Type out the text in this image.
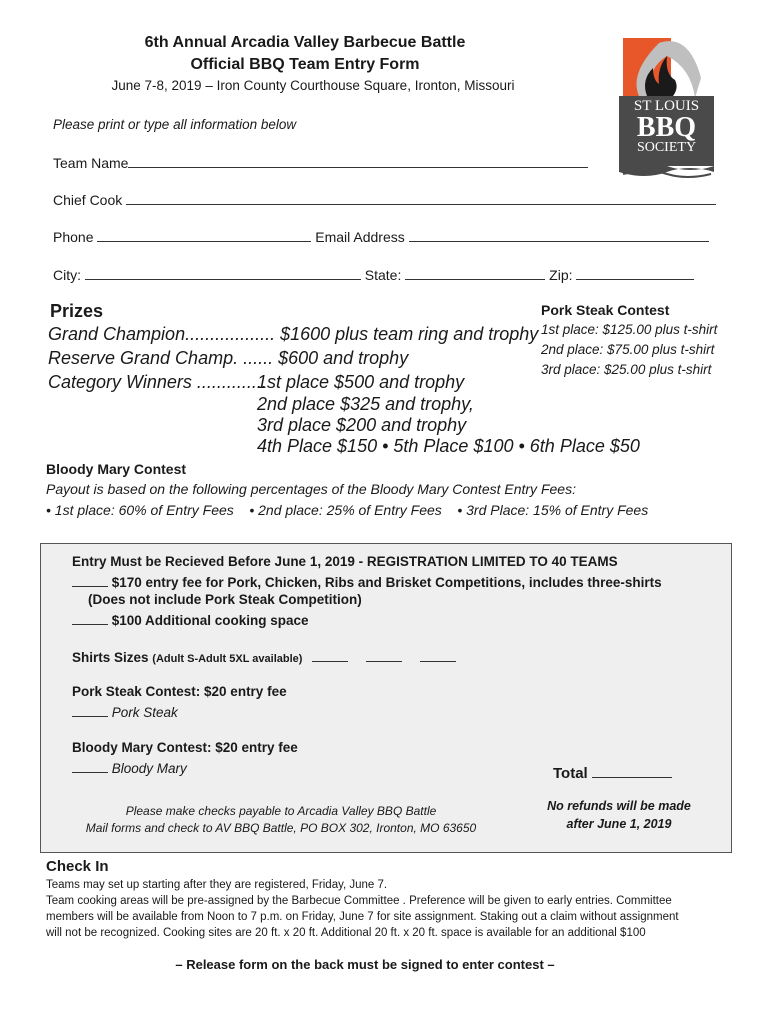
6th Annual Arcadia Valley Barbecue Battle
Official BBQ Team Entry Form
June 7-8, 2019 – Iron County Courthouse Square, Ironton, Missouri
ST LOUIS
BBQ
SOCIETY
Please print or type all information below
Team Name
Chief Cook
Phone	Email Address
City:	State:	Zip:
Prizes
Grand Champion.................. $1600 plus team ring and trophy
Reserve Grand Champ. ...... $600 and trophy
Category Winners ..............
1st place $500 and trophy
2nd place $325 and trophy,
3rd place $200 and trophy
4th Place $150 • 5th Place $100 • 6th Place $50
Pork Steak Contest
1st place: $125.00 plus t-shirt
2nd place: $75.00 plus t-shirt
3rd place: $25.00 plus t-shirt
Bloody Mary Contest
Payout is based on the following percentages of the Bloody Mary Contest Entry Fees:
• 1st place: 60% of Entry Fees    • 2nd place: 25% of Entry Fees    • 3rd Place: 15% of Entry Fees
Entry Must be Recieved Before June 1, 2019 - REGISTRATION LIMITED TO 40 TEAMS
$170 entry fee for Pork, Chicken, Ribs and Brisket Competitions, includes three-shirts
(Does not include Pork Steak Competition)
$100 Additional cooking space
Shirts Sizes (Adult S-Adult 5XL available)
Pork Steak Contest: $20 entry fee
Pork Steak
Bloody Mary Contest: $20 entry fee
Bloody Mary	Total
Please make checks payable to Arcadia Valley BBQ Battle
Mail forms and check to AV BBQ Battle, PO BOX 302, Ironton, MO 63650
No refunds will be made
after June 1, 2019
Check In
Teams may set up starting after they are registered, Friday, June 7.
Team cooking areas will be pre-assigned by the Barbecue Committee . Preference will be given to early entries. Committee
members will be available from Noon to 7 p.m. on Friday, June 7 for site assignment. Staking out a claim without assignment
will not be recognized. Cooking sites are 20 ft. x 20 ft. Additional 20 ft. x 20 ft. space is available for an additional $100
– Release form on the back must be signed to enter contest –
